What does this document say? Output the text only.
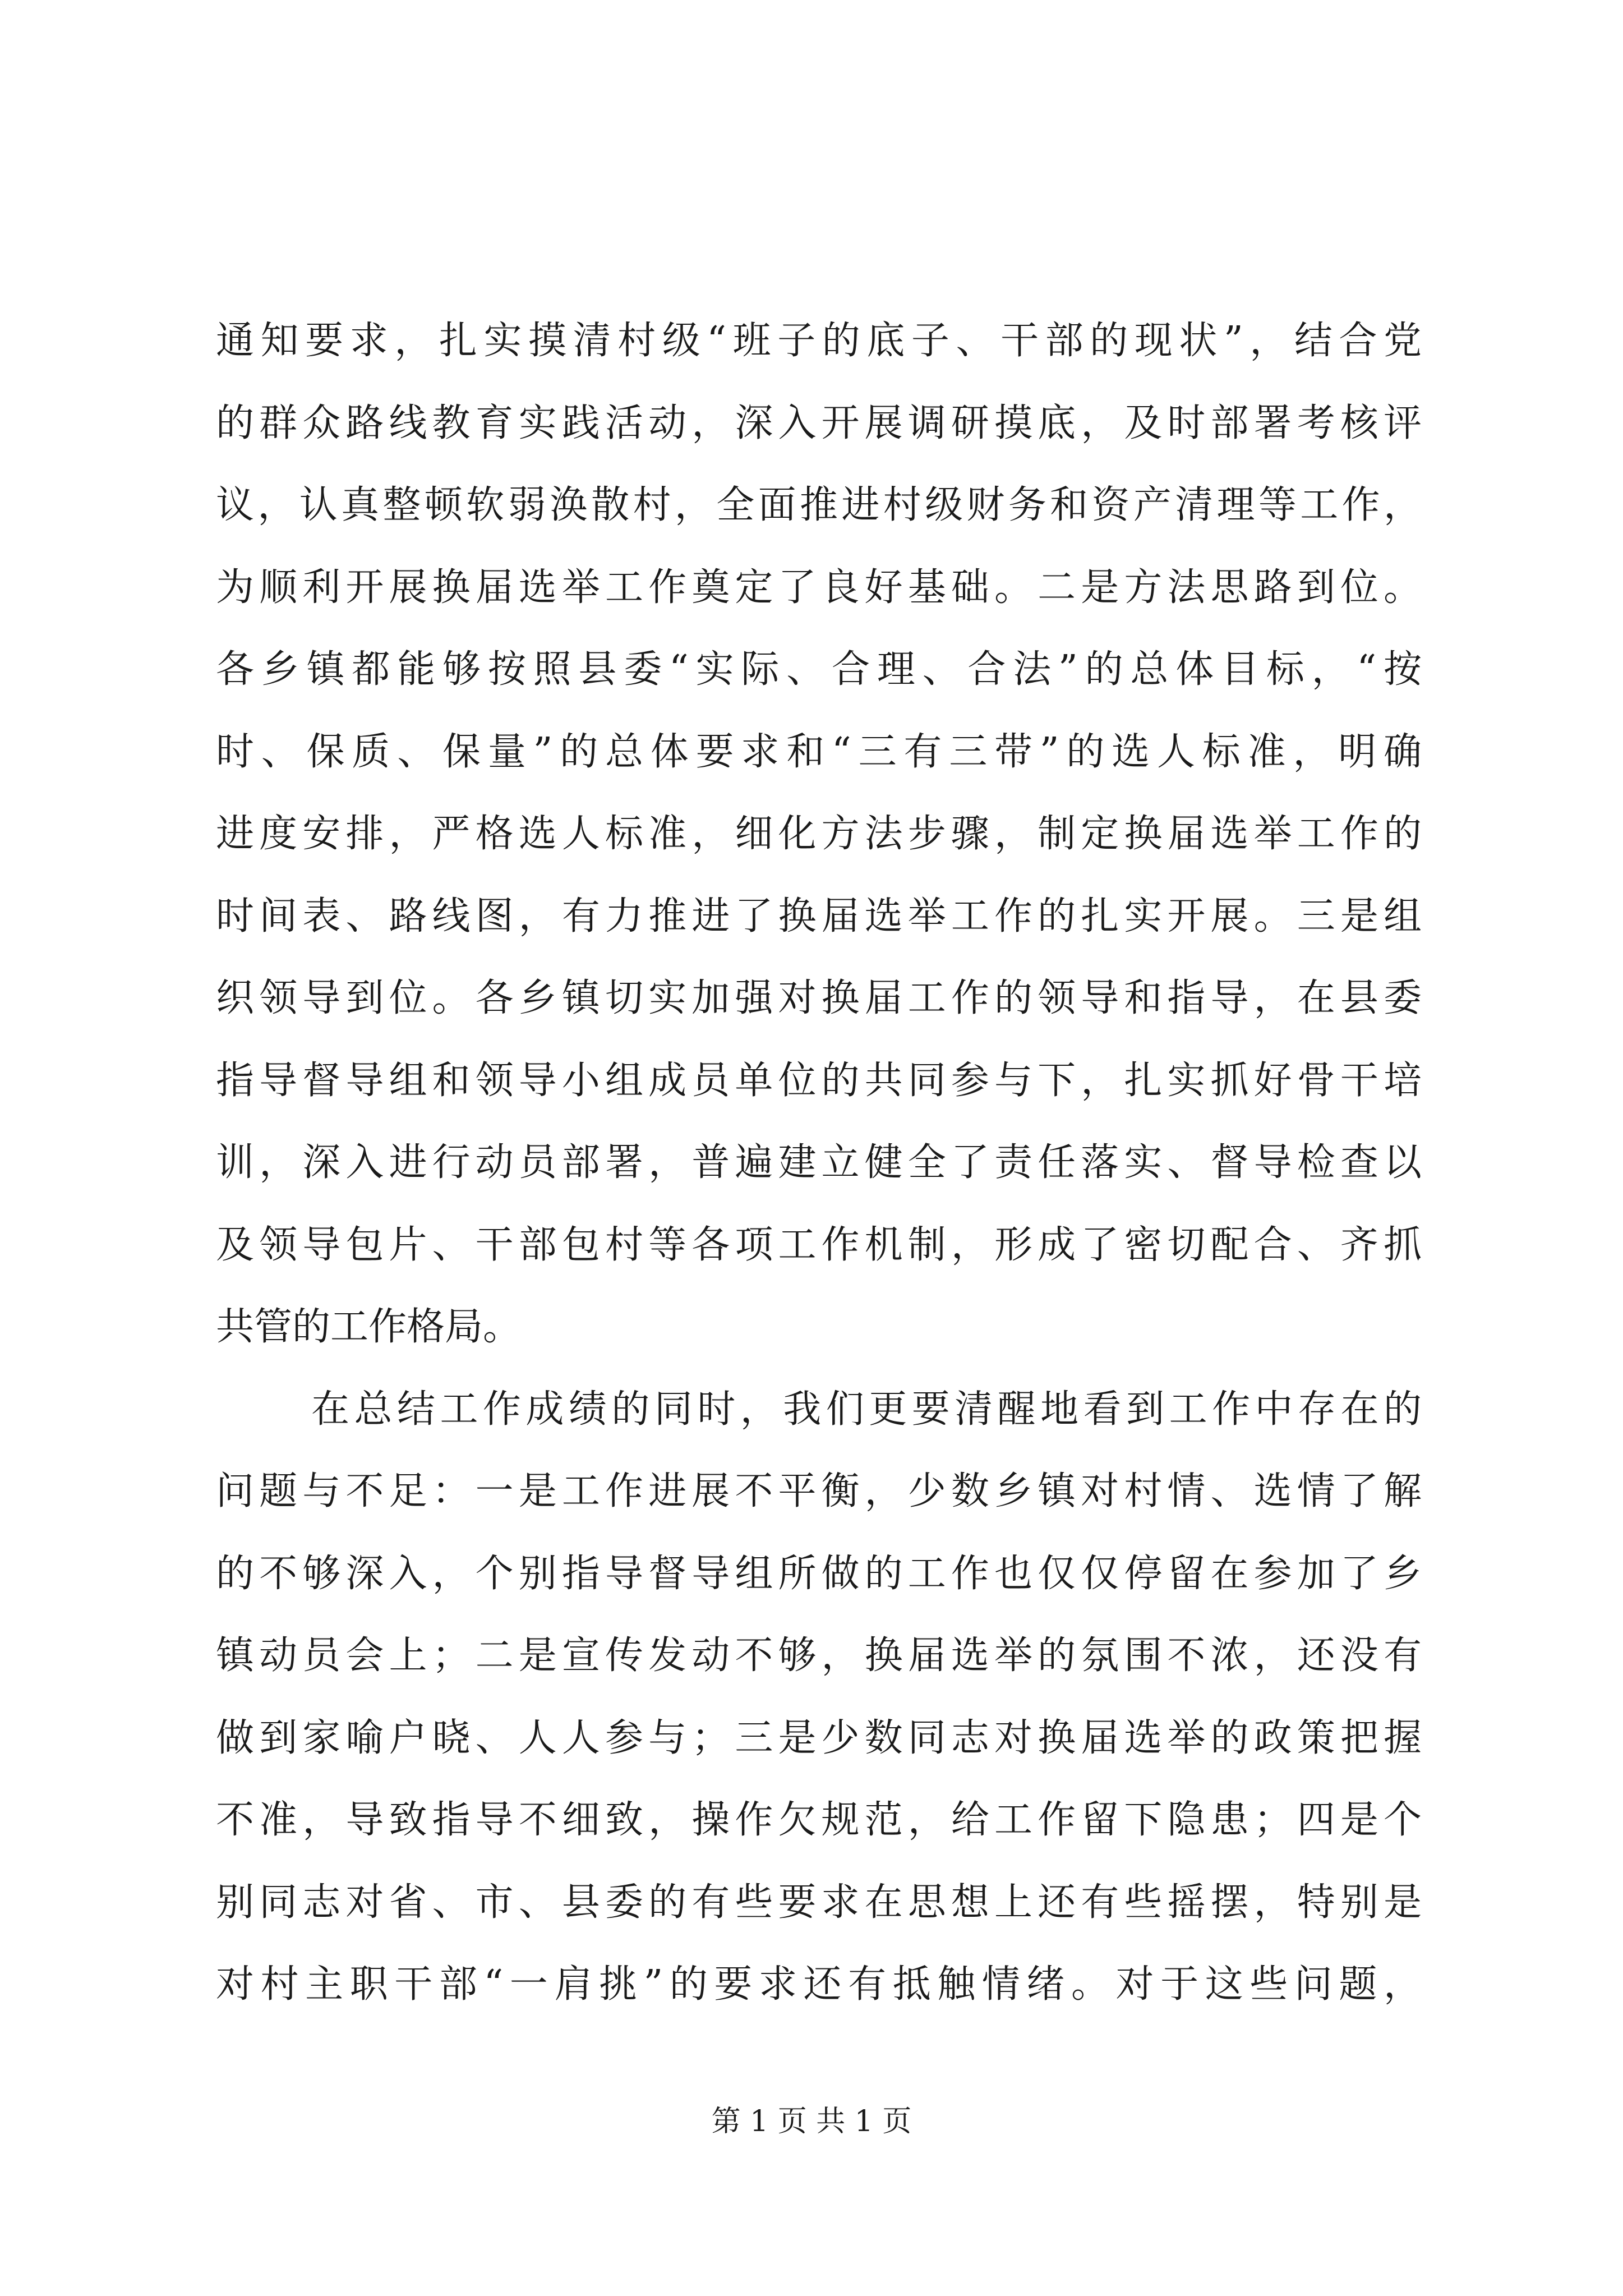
通知要求，扎实摸清村级“班子的底子、干部的现状”，结合党
的群众路线教育实践活动，深入开展调研摸底，及时部署考核评
议，认真整顿软弱涣散村，全面推进村级财务和资产清理等工作，
为顺利开展换届选举工作奠定了良好基础。二是方法思路到位。
各乡镇都能够按照县委“实际、合理、合法”的总体目标，“按
时、保质、保量”的总体要求和“三有三带”的选人标准，明确
进度安排，严格选人标准，细化方法步骤，制定换届选举工作的
时间表、路线图，有力推进了换届选举工作的扎实开展。三是组
织领导到位。各乡镇切实加强对换届工作的领导和指导，在县委
指导督导组和领导小组成员单位的共同参与下，扎实抓好骨干培
训，深入进行动员部署，普遍建立健全了责任落实、督导检查以
及领导包片、干部包村等各项工作机制，形成了密切配合、齐抓
共管的工作格局。
在总结工作成绩的同时，我们更要清醒地看到工作中存在的
问题与不足：一是工作进展不平衡，少数乡镇对村情、选情了解
的不够深入，个别指导督导组所做的工作也仅仅停留在参加了乡
镇动员会上；二是宣传发动不够，换届选举的氛围不浓，还没有
做到家喻户晓、人人参与；三是少数同志对换届选举的政策把握
不准，导致指导不细致，操作欠规范，给工作留下隐患；四是个
别同志对省、市、县委的有些要求在思想上还有些摇摆，特别是
对村主职干部“一肩挑”的要求还有抵触情绪。对于这些问题，
第 1 页 共 1 页
